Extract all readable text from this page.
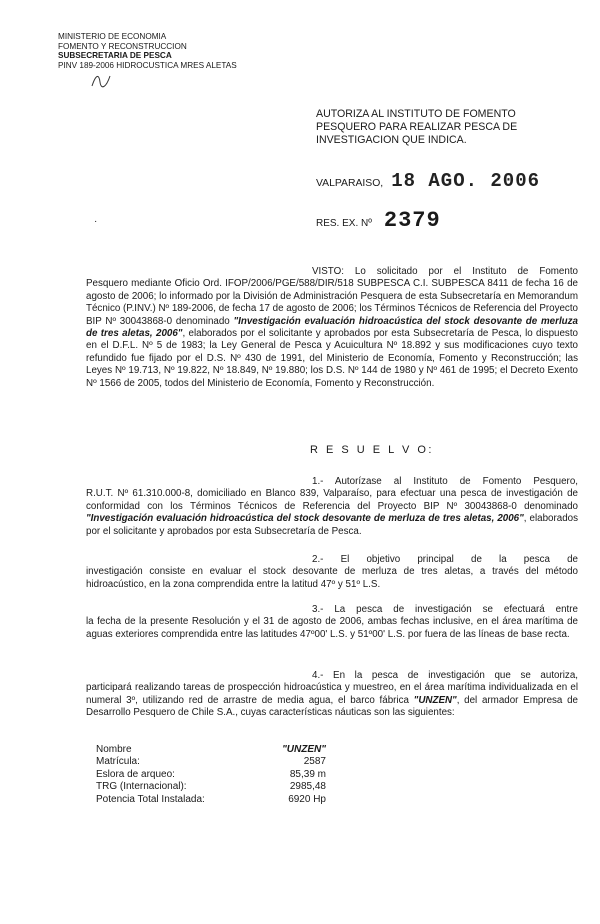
MINISTERIO DE ECONOMIA
FOMENTO Y RECONSTRUCCION
SUBSECRETARIA DE PESCA
PINV 189-2006 HIDROCUSTICA MRES ALETAS
·
AUTORIZA AL INSTITUTO DE FOMENTO
PESQUERO PARA REALIZAR PESCA DE
INVESTIGACION QUE INDICA.
VALPARAISO, 18 AGO. 2006
RES. EX. Nº 2379
VISTO: Lo solicitado por el Instituto de Fomento
Pesquero mediante Oficio Ord. IFOP/2006/PGE/588/DIR/518 SUBPESCA C.I. SUBPESCA 8411 de fecha 16 de agosto de 2006; lo informado por la División de Administración Pesquera de esta Subsecretaría en Memorandum Técnico (P.INV.) Nº 189-2006, de fecha 17 de agosto de 2006; los Términos Técnicos de Referencia del Proyecto BIP Nº 30043868-0 denominado "Investigación evaluación hidroacústica del stock desovante de merluza de tres aletas, 2006", elaborados por el solicitante y aprobados por esta Subsecretaría de Pesca, lo dispuesto en el D.F.L. Nº 5 de 1983; la Ley General de Pesca y Acuicultura Nº 18.892 y sus modificaciones cuyo texto refundido fue fijado por el D.S. Nº 430 de 1991, del Ministerio de Economía, Fomento y Reconstrucción; las Leyes Nº 19.713, Nº 19.822, Nº 18.849, Nº 19.880; los D.S. Nº 144 de 1980 y Nº 461 de 1995; el Decreto Exento Nº 1566 de 2005, todos del Ministerio de Economía, Fomento y Reconstrucción.
R E S U E L V O:
1.- Autorízase al Instituto de Fomento Pesquero,
R.U.T. Nº 61.310.000-8, domiciliado en Blanco 839, Valparaíso, para efectuar una pesca de investigación de conformidad con los Términos Técnicos de Referencia del Proyecto BIP Nº 30043868-0 denominado "Investigación evaluación hidroacústica del stock desovante de merluza de tres aletas, 2006", elaborados por el solicitante y aprobados por esta Subsecretaría de Pesca.
2.- El objetivo principal de la pesca de
investigación consiste en evaluar el stock desovante de merluza de tres aletas, a través del método hidroacústico, en la zona comprendida entre la latitud 47º y 51º L.S.
3.- La pesca de investigación se efectuará entre
la fecha de la presente Resolución y el 31 de agosto de 2006, ambas fechas inclusive, en el área marítima de aguas exteriores comprendida entre las latitudes 47º00' L.S. y 51º00' L.S. por fuera de las líneas de base recta.
4.- En la pesca de investigación que se autoriza,
participará realizando tareas de prospección hidroacústica y muestreo, en el área marítima individualizada en el numeral 3º, utilizando red de arrastre de media agua, el barco fábrica "UNZEN", del armador Empresa de Desarrollo Pesquero de Chile S.A., cuyas características náuticas son las siguientes:
Nombre	"UNZEN"
Matrícula:	2587
Eslora de arqueo:	85,39 m
TRG (Internacional):	2985,48
Potencia Total Instalada:	6920 Hp
